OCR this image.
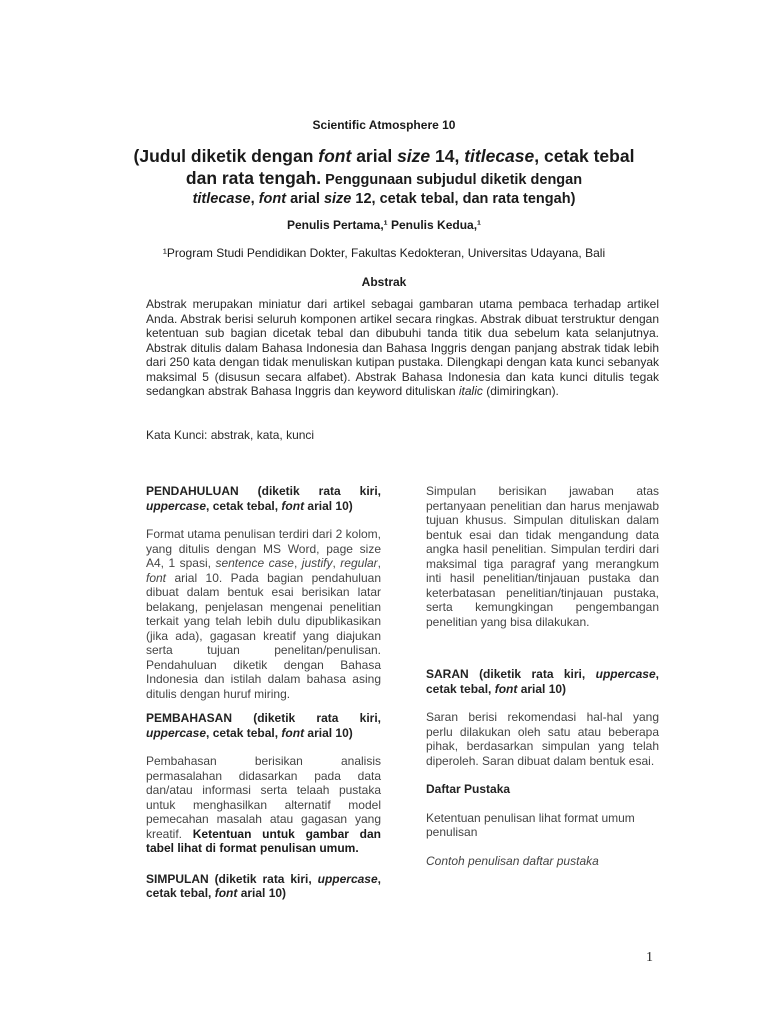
Scientific Atmosphere 10
(Judul diketik dengan font arial size 14, titlecase, cetak tebal dan rata tengah. Penggunaan subjudul diketik dengan
titlecase, font arial size 12, cetak tebal, dan rata tengah)
Penulis Pertama,¹ Penulis Kedua,¹
¹Program Studi Pendidikan Dokter, Fakultas Kedokteran, Universitas Udayana, Bali
Abstrak
Abstrak merupakan miniatur dari artikel sebagai gambaran utama pembaca terhadap artikel Anda. Abstrak berisi seluruh komponen artikel secara ringkas. Abstrak dibuat terstruktur dengan ketentuan sub bagian dicetak tebal dan dibubuhi tanda titik dua sebelum kata selanjutnya. Abstrak ditulis dalam Bahasa Indonesia dan Bahasa Inggris dengan panjang abstrak tidak lebih dari 250 kata dengan tidak menuliskan kutipan pustaka. Dilengkapi dengan kata kunci sebanyak maksimal 5 (disusun secara alfabet). Abstrak Bahasa Indonesia dan kata kunci ditulis tegak sedangkan abstrak Bahasa Inggris dan keyword dituliskan italic (dimiringkan).
Kata Kunci: abstrak, kata, kunci

PENDAHULUAN (diketik rata kiri, uppercase, cetak tebal, font arial 10)

Format utama penulisan terdiri dari 2 kolom, yang ditulis dengan MS Word, page size A4, 1 spasi, sentence case, justify, regular, font arial 10. Pada bagian pendahuluan dibuat dalam bentuk esai berisikan latar belakang, penjelasan mengenai penelitian terkait yang telah lebih dulu dipublikasikan (jika ada), gagasan kreatif yang diajukan serta tujuan penelitan/penulisan. Pendahuluan diketik dengan Bahasa Indonesia dan istilah dalam bahasa asing ditulis dengan huruf miring.

PEMBAHASAN (diketik rata kiri, uppercase, cetak tebal, font arial 10)

Pembahasan berisikan analisis permasalahan didasarkan pada data dan/atau informasi serta telaah pustaka untuk menghasilkan alternatif model pemecahan masalah atau gagasan yang kreatif. Ketentuan untuk gambar dan tabel lihat di format penulisan umum.

SIMPULAN (diketik rata kiri, uppercase, cetak tebal, font arial 10)

Simpulan berisikan jawaban atas pertanyaan penelitian dan harus menjawab tujuan khusus. Simpulan dituliskan dalam bentuk esai dan tidak mengandung data angka hasil penelitian. Simpulan terdiri dari maksimal tiga paragraf yang merangkum inti hasil penelitian/tinjauan pustaka dan keterbatasan penelitian/tinjauan pustaka, serta kemungkingan pengembangan penelitian yang bisa dilakukan.

SARAN (diketik rata kiri, uppercase, cetak tebal, font arial 10)

Saran berisi rekomendasi hal-hal yang perlu dilakukan oleh satu atau beberapa pihak, berdasarkan simpulan yang telah diperoleh. Saran dibuat dalam bentuk esai.

Daftar Pustaka

Ketentuan penulisan lihat format umum penulisan

Contoh penulisan daftar pustaka

1
